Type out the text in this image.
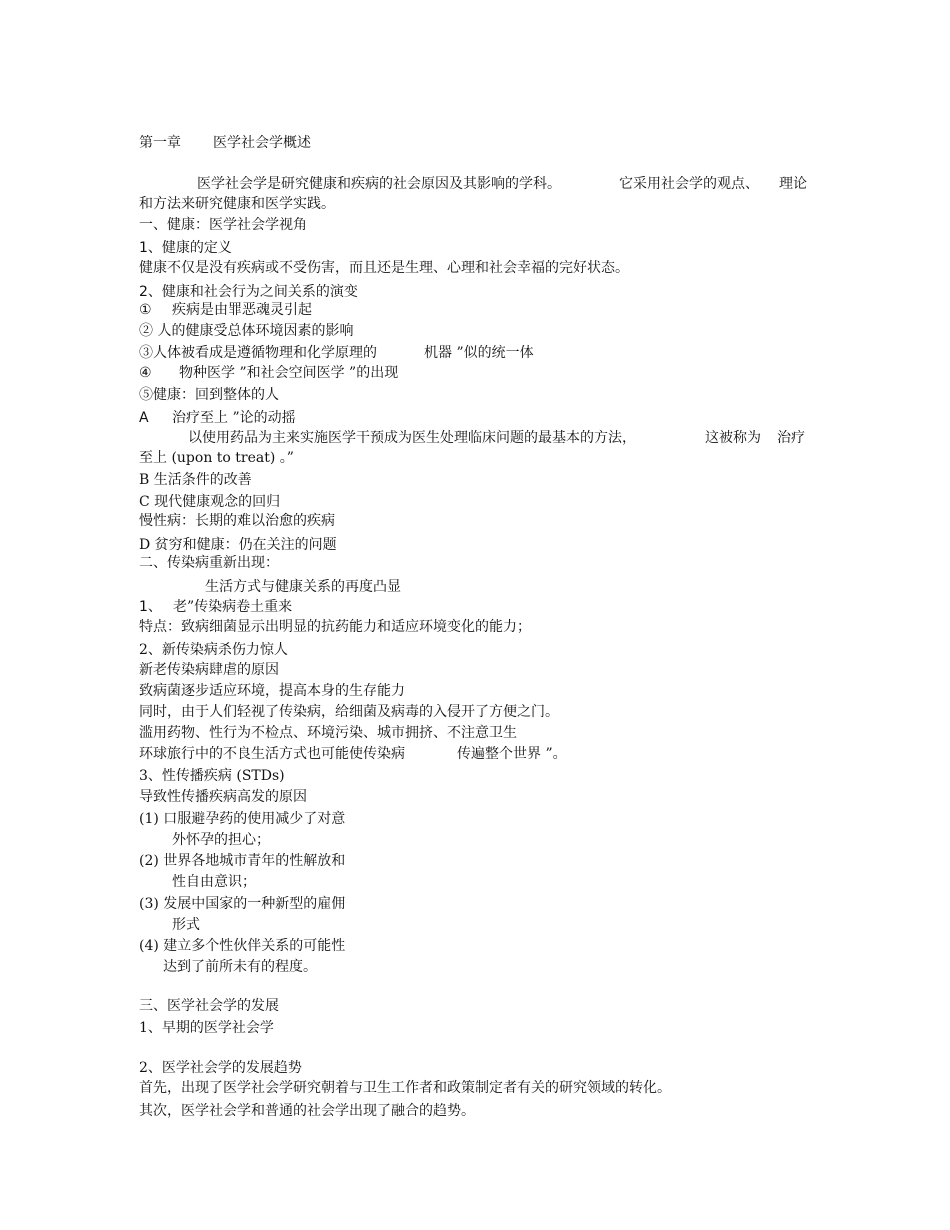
第一章 医学社会学概述
医学社会学是研究健康和疾病的社会原因及其影响的学科。	它采用社会学的观点、 理论
和方法来研究健康和医学实践。
一、健康：医学社会学视角
1、健康的定义
健康不仅是没有疾病或不受伤害，而且还是生理、心理和社会幸福的完好状态。
2、健康和社会行为之间关系的演变
① 疾病是由罪恶魂灵引起
② 人的健康受总体环境因素的影响
③人体被看成是遵循物理和化学原理的	机器 ”似的统一体
④ 物种医学 ”和社会空间医学 ”的出现
⑤健康：回到整体的人
A 治疗至上 ”论的动摇
以使用药品为主来实施医学干预成为医生处理临床问题的最基本的方法，	这被称为 治疗
至上 (upon to treat) 。”
B 生活条件的改善
C 现代健康观念的回归
慢性病：长期的难以治愈的疾病
D 贫穷和健康：仍在关注的问题
二、传染病重新出现：
生活方式与健康关系的再度凸显
1、 老”传染病卷土重来
特点：致病细菌显示出明显的抗药能力和适应环境变化的能力；
2、新传染病杀伤力惊人
新老传染病肆虐的原因
致病菌逐步适应环境，提高本身的生存能力
同时，由于人们轻视了传染病，给细菌及病毒的入侵开了方便之门。
滥用药物、性行为不检点、环境污染、城市拥挤、不注意卫生
环球旅行中的不良生活方式也可能使传染病	传遍整个世界 ”。
3、性传播疾病 (STDs)
导致性传播疾病高发的原因
(1) 口服避孕药的使用减少了对意
外怀孕的担心；
(2) 世界各地城市青年的性解放和
性自由意识；
(3) 发展中国家的一种新型的雇佣
形式
(4) 建立多个性伙伴关系的可能性
达到了前所未有的程度。
三、医学社会学的发展
1、早期的医学社会学
2、医学社会学的发展趋势
首先，出现了医学社会学研究朝着与卫生工作者和政策制定者有关的研究领域的转化。
其次，医学社会学和普通的社会学出现了融合的趋势。
